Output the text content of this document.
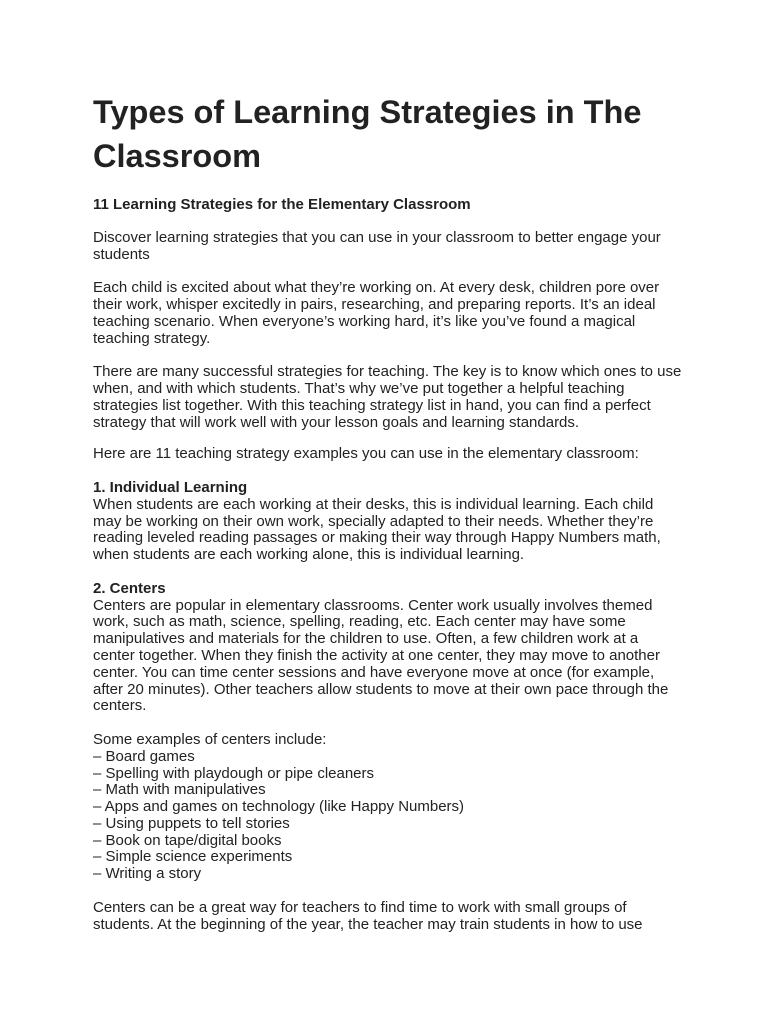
Types of Learning Strategies in The Classroom
11 Learning Strategies for the Elementary Classroom

Discover learning strategies that you can use in your classroom to better engage your students

Each child is excited about what they’re working on. At every desk, children pore over their work, whisper excitedly in pairs, researching, and preparing reports. It’s an ideal teaching scenario. When everyone’s working hard, it’s like you’ve found a magical teaching strategy.

There are many successful strategies for teaching. The key is to know which ones to use when, and with which students. That’s why we’ve put together a helpful teaching strategies list together. With this teaching strategy list in hand, you can find a perfect strategy that will work well with your lesson goals and learning standards.

Here are 11 teaching strategy examples you can use in the elementary classroom:

1. Individual Learning
When students are each working at their desks, this is individual learning. Each child may be working on their own work, specially adapted to their needs. Whether they’re reading leveled reading passages or making their way through Happy Numbers math, when students are each working alone, this is individual learning.
2. Centers
Centers are popular in elementary classrooms. Center work usually involves themed work, such as math, science, spelling, reading, etc. Each center may have some manipulatives and materials for the children to use. Often, a few children work at a center together. When they finish the activity at one center, they may move to another center. You can time center sessions and have everyone move at once (for example, after 20 minutes). Other teachers allow students to move at their own pace through the centers.

Some examples of centers include:

– Board games
– Spelling with playdough or pipe cleaners
– Math with manipulatives
– Apps and games on technology (like Happy Numbers)
– Using puppets to tell stories
– Book on tape/digital books
– Simple science experiments
– Writing a story

Centers can be a great way for teachers to find time to work with small groups of students. At the beginning of the year, the teacher may train students in how to use
